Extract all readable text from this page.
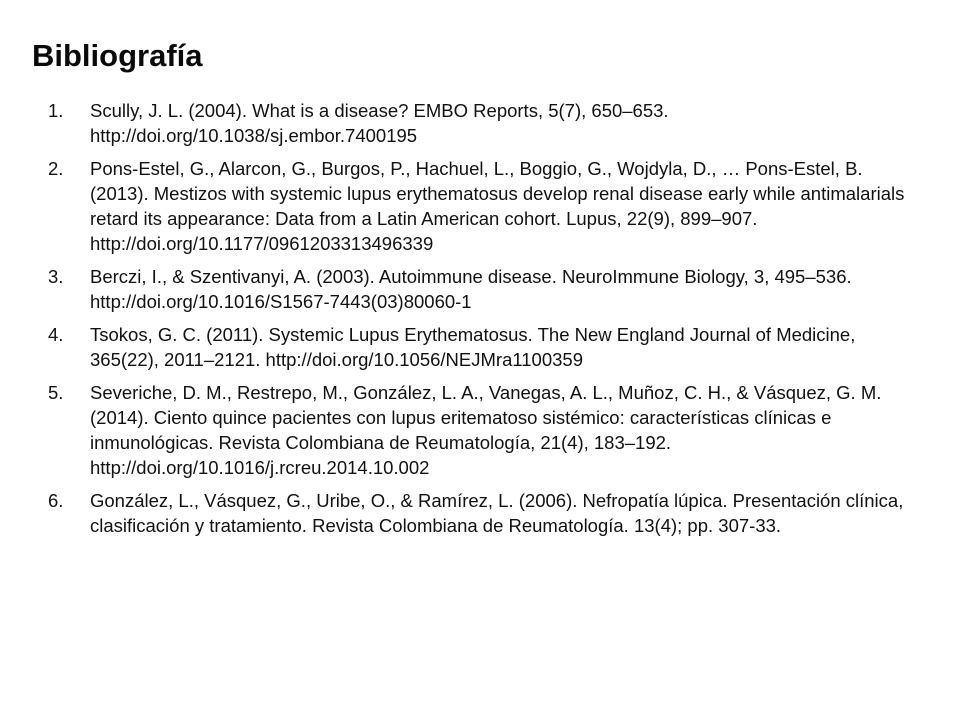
Bibliografía
1.	Scully, J. L. (2004). What is a disease? EMBO Reports, 5(7), 650–653. http://doi.org/10.1038/sj.embor.7400195
2.	Pons-Estel, G., Alarcon, G., Burgos, P., Hachuel, L., Boggio, G., Wojdyla, D., … Pons-Estel, B. (2013). Mestizos with systemic lupus erythematosus develop renal disease early while antimalarials retard its appearance: Data from a Latin American cohort. Lupus, 22(9), 899–907. http://doi.org/10.1177/0961203313496339
3.	Berczi, I., & Szentivanyi, A. (2003). Autoimmune disease. NeuroImmune Biology, 3, 495–536. http://doi.org/10.1016/S1567-7443(03)80060-1
4.	Tsokos, G. C. (2011). Systemic Lupus Erythematosus. The New England Journal of Medicine, 365(22), 2011–2121. http://doi.org/10.1056/NEJMra1100359
5.	Severiche, D. M., Restrepo, M., González, L. A., Vanegas, A. L., Muñoz, C. H., & Vásquez, G. M. (2014). Ciento quince pacientes con lupus eritematoso sistémico: características clínicas e inmunológicas. Revista Colombiana de Reumatología, 21(4), 183–192. http://doi.org/10.1016/j.rcreu.2014.10.002
6.	González, L., Vásquez, G., Uribe, O., & Ramírez, L. (2006). Nefropatía lúpica. Presentación clínica, clasificación y tratamiento. Revista Colombiana de Reumatología. 13(4); pp. 307-33.
